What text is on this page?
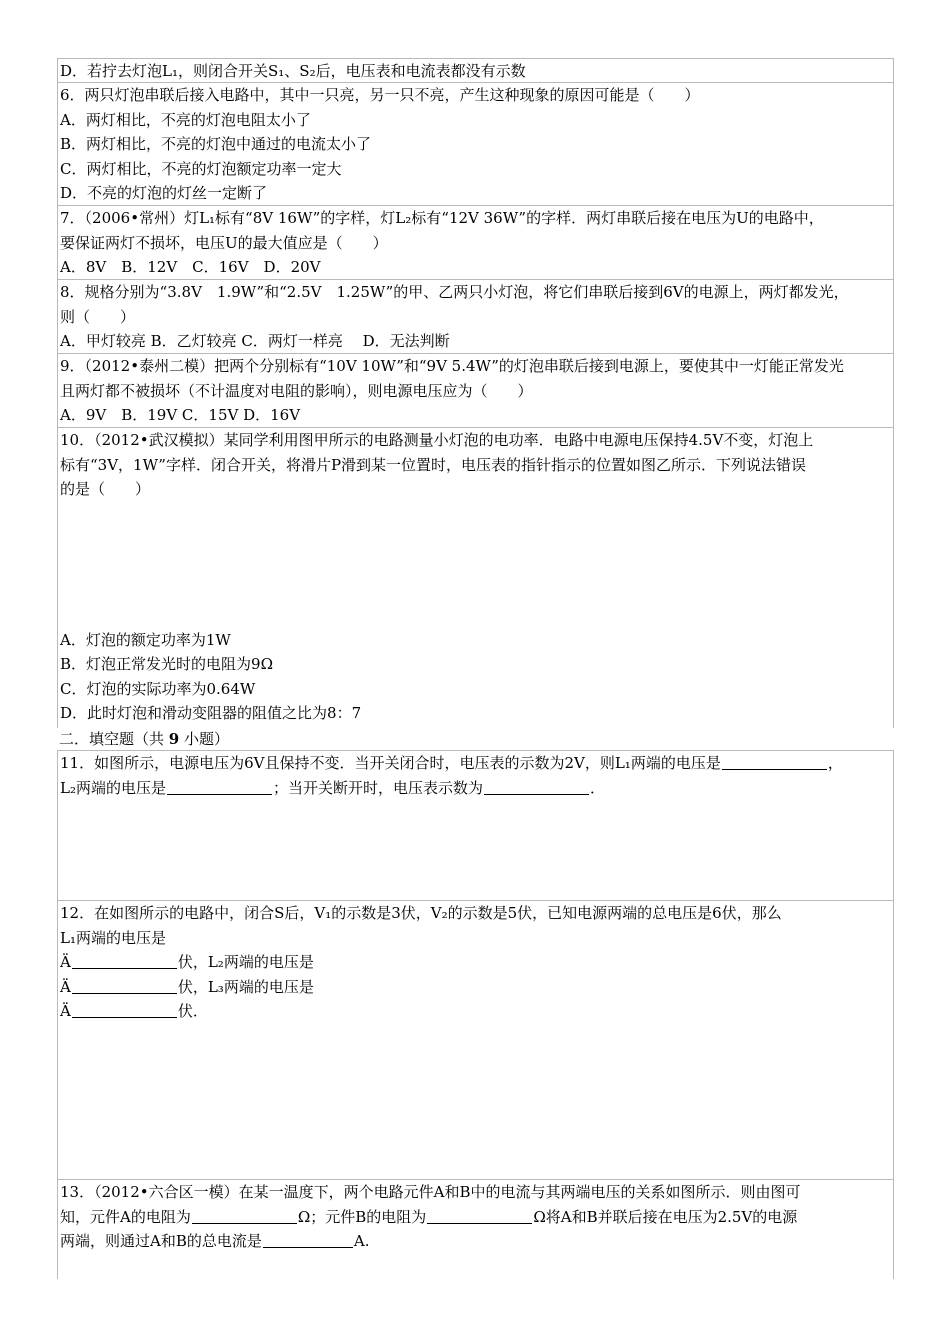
D．若拧去灯泡L₁，则闭合开关S₁、S₂后，电压表和电流表都没有示数
6．两只灯泡串联后接入电路中，其中一只亮，另一只不亮，产生这种现象的原因可能是（　　）
A．两灯相比，不亮的灯泡电阻太小了
B．两灯相比，不亮的灯泡中通过的电流太小了
C．两灯相比，不亮的灯泡额定功率一定大
D．不亮的灯泡的灯丝一定断了
7．（2006•常州）灯L₁标有“8V 16W”的字样，灯L₂标有“12V 36W”的字样．两灯串联后接在电压为U的电路中，
要保证两灯不损坏，电压U的最大值应是（　　）
A．8V　B．12V　C．16V　D．20V
8．规格分别为“3.8V　1.9W”和“2.5V　1.25W”的甲、乙两只小灯泡，将它们串联后接到6V的电源上，两灯都发光，
则（　　）
A．甲灯较亮 B．乙灯较亮 C．两灯一样亮　 D．无法判断
9．（2012•泰州二模）把两个分别标有“10V 10W”和“9V 5.4W”的灯泡串联后接到电源上，要使其中一灯能正常发光
且两灯都不被损坏（不计温度对电阻的影响），则电源电压应为（　　）
A．9V　B．19V C．15V D．16V
10．（2012•武汉模拟）某同学利用图甲所示的电路测量小灯泡的电功率．电路中电源电压保持4.5V不变，灯泡上
标有“3V，1W”字样．闭合开关，将滑片P滑到某一位置时，电压表的指针指示的位置如图乙所示．下列说法错误
的是（　　）
A．灯泡的额定功率为1W
B．灯泡正常发光时的电阻为9Ω
C．灯泡的实际功率为0.64W
D．此时灯泡和滑动变阻器的阻值之比为8：7
二．填空题（共 9 小题）
11．如图所示，电源电压为6V且保持不变．当开关闭合时，电压表的示数为2V，则L₁两端的电压是	，
L₂两端的电压是	；当开关断开时，电压表示数为	．
12．在如图所示的电路中，闭合S后，V₁的示数是3伏，V₂的示数是5伏，已知电源两端的总电压是6伏，那么
L₁两端的电压是
Ä	伏，L₂两端的电压是
Ä	伏，L₃两端的电压是
Ä	伏．
13．（2012•六合区一模）在某一温度下，两个电路元件A和B中的电流与其两端电压的关系如图所示．则由图可
知，元件A的电阻为	Ω；元件B的电阻为	Ω将A和B并联后接在电压为2.5V的电源
两端，则通过A和B的总电流是	A.
